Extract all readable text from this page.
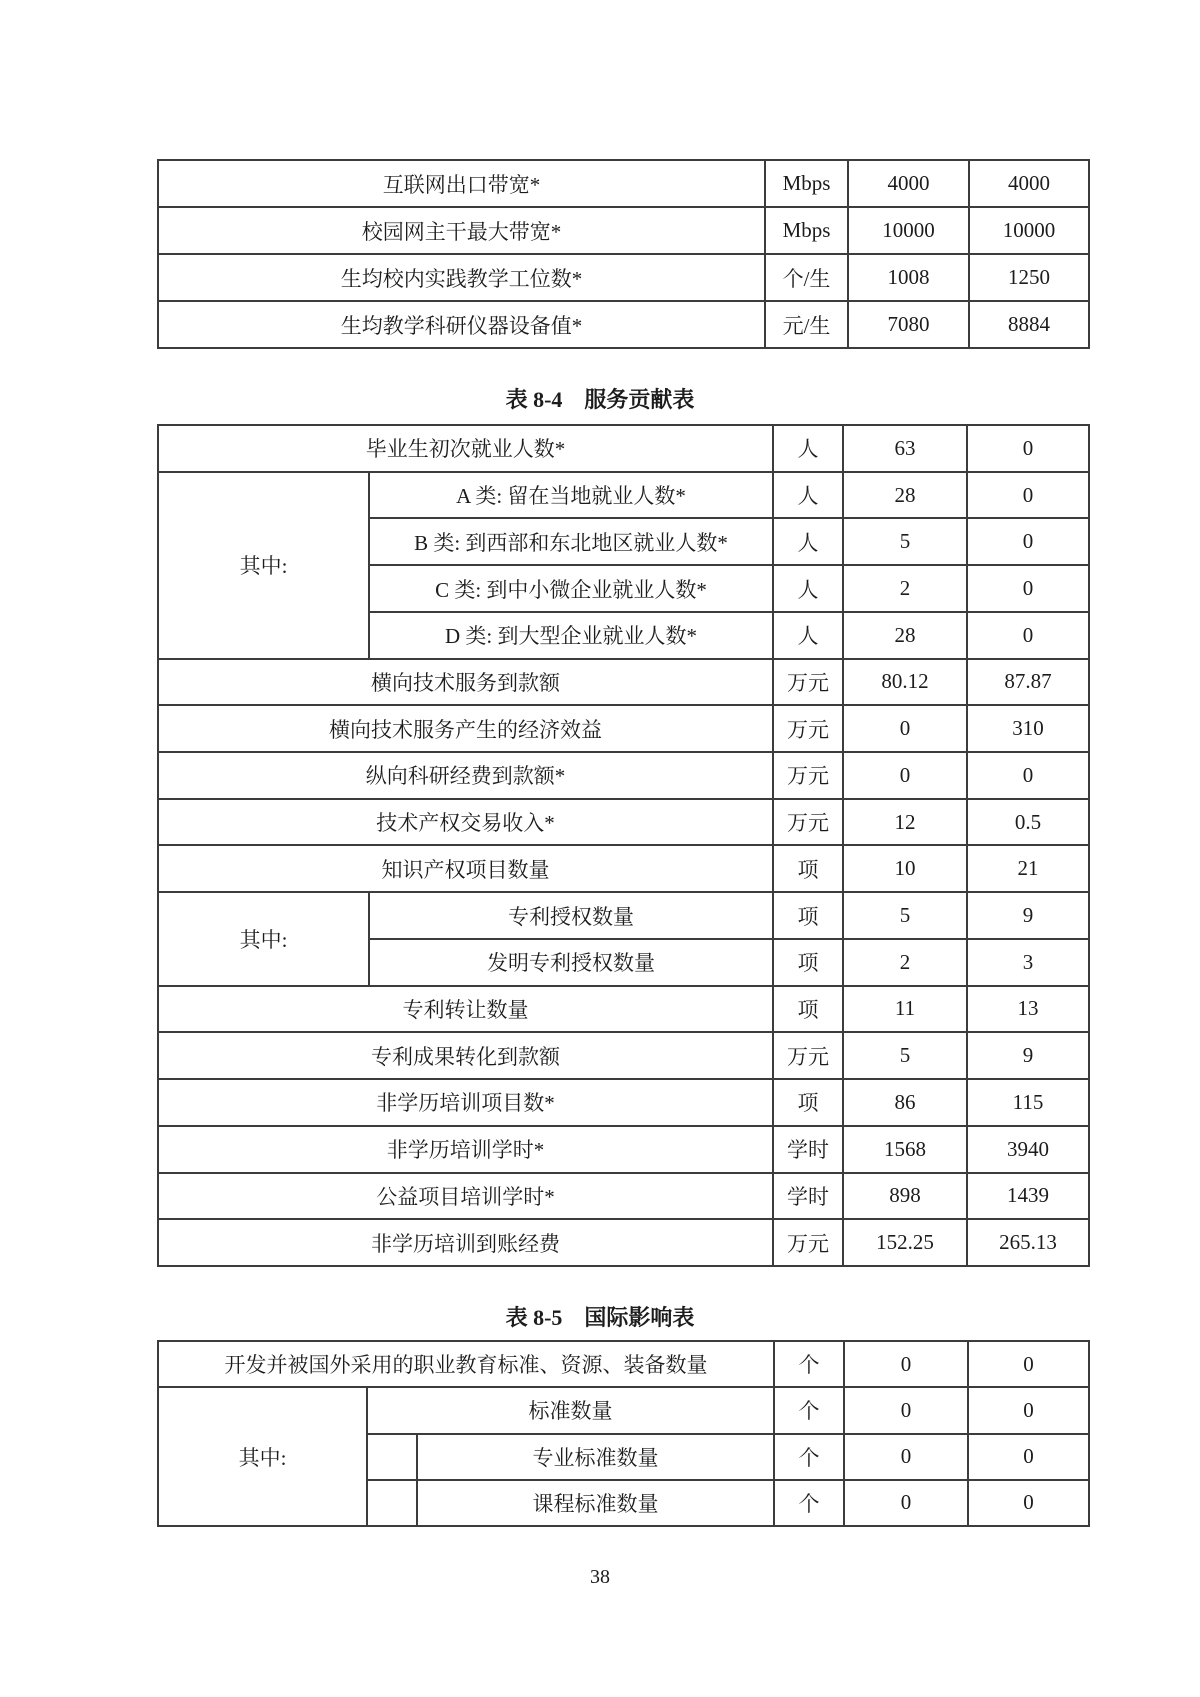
互联网出口带宽*	Mbps	4000	4000
校园网主干最大带宽*	Mbps	10000	10000
生均校内实践教学工位数*	个/生	1008	1250
生均教学科研仪器设备值*	元/生	7080	8884
表 8-4 服务贡献表
毕业生初次就业人数*		人	63	0
其中:	A 类: 留在当地就业人数*	人	28	0
	B 类: 到西部和东北地区就业人数*	人	5	0
	C 类: 到中小微企业就业人数*	人	2	0
	D 类: 到大型企业就业人数*	人	28	0
横向技术服务到款额		万元	80.12	87.87
横向技术服务产生的经济效益		万元	0	310
纵向科研经费到款额*		万元	0	0
技术产权交易收入*		万元	12	0.5
知识产权项目数量		项	10	21
其中:	专利授权数量	项	5	9
	发明专利授权数量	项	2	3
专利转让数量		项	11	13
专利成果转化到款额		万元	5	9
非学历培训项目数*		项	86	115
非学历培训学时*		学时	1568	3940
公益项目培训学时*		学时	898	1439
非学历培训到账经费		万元	152.25	265.13
表 8-5 国际影响表
开发并被国外采用的职业教育标准、资源、装备数量			个	0	0
其中:	标准数量		个	0	0
		专业标准数量	个	0	0
		课程标准数量	个	0	0
38
